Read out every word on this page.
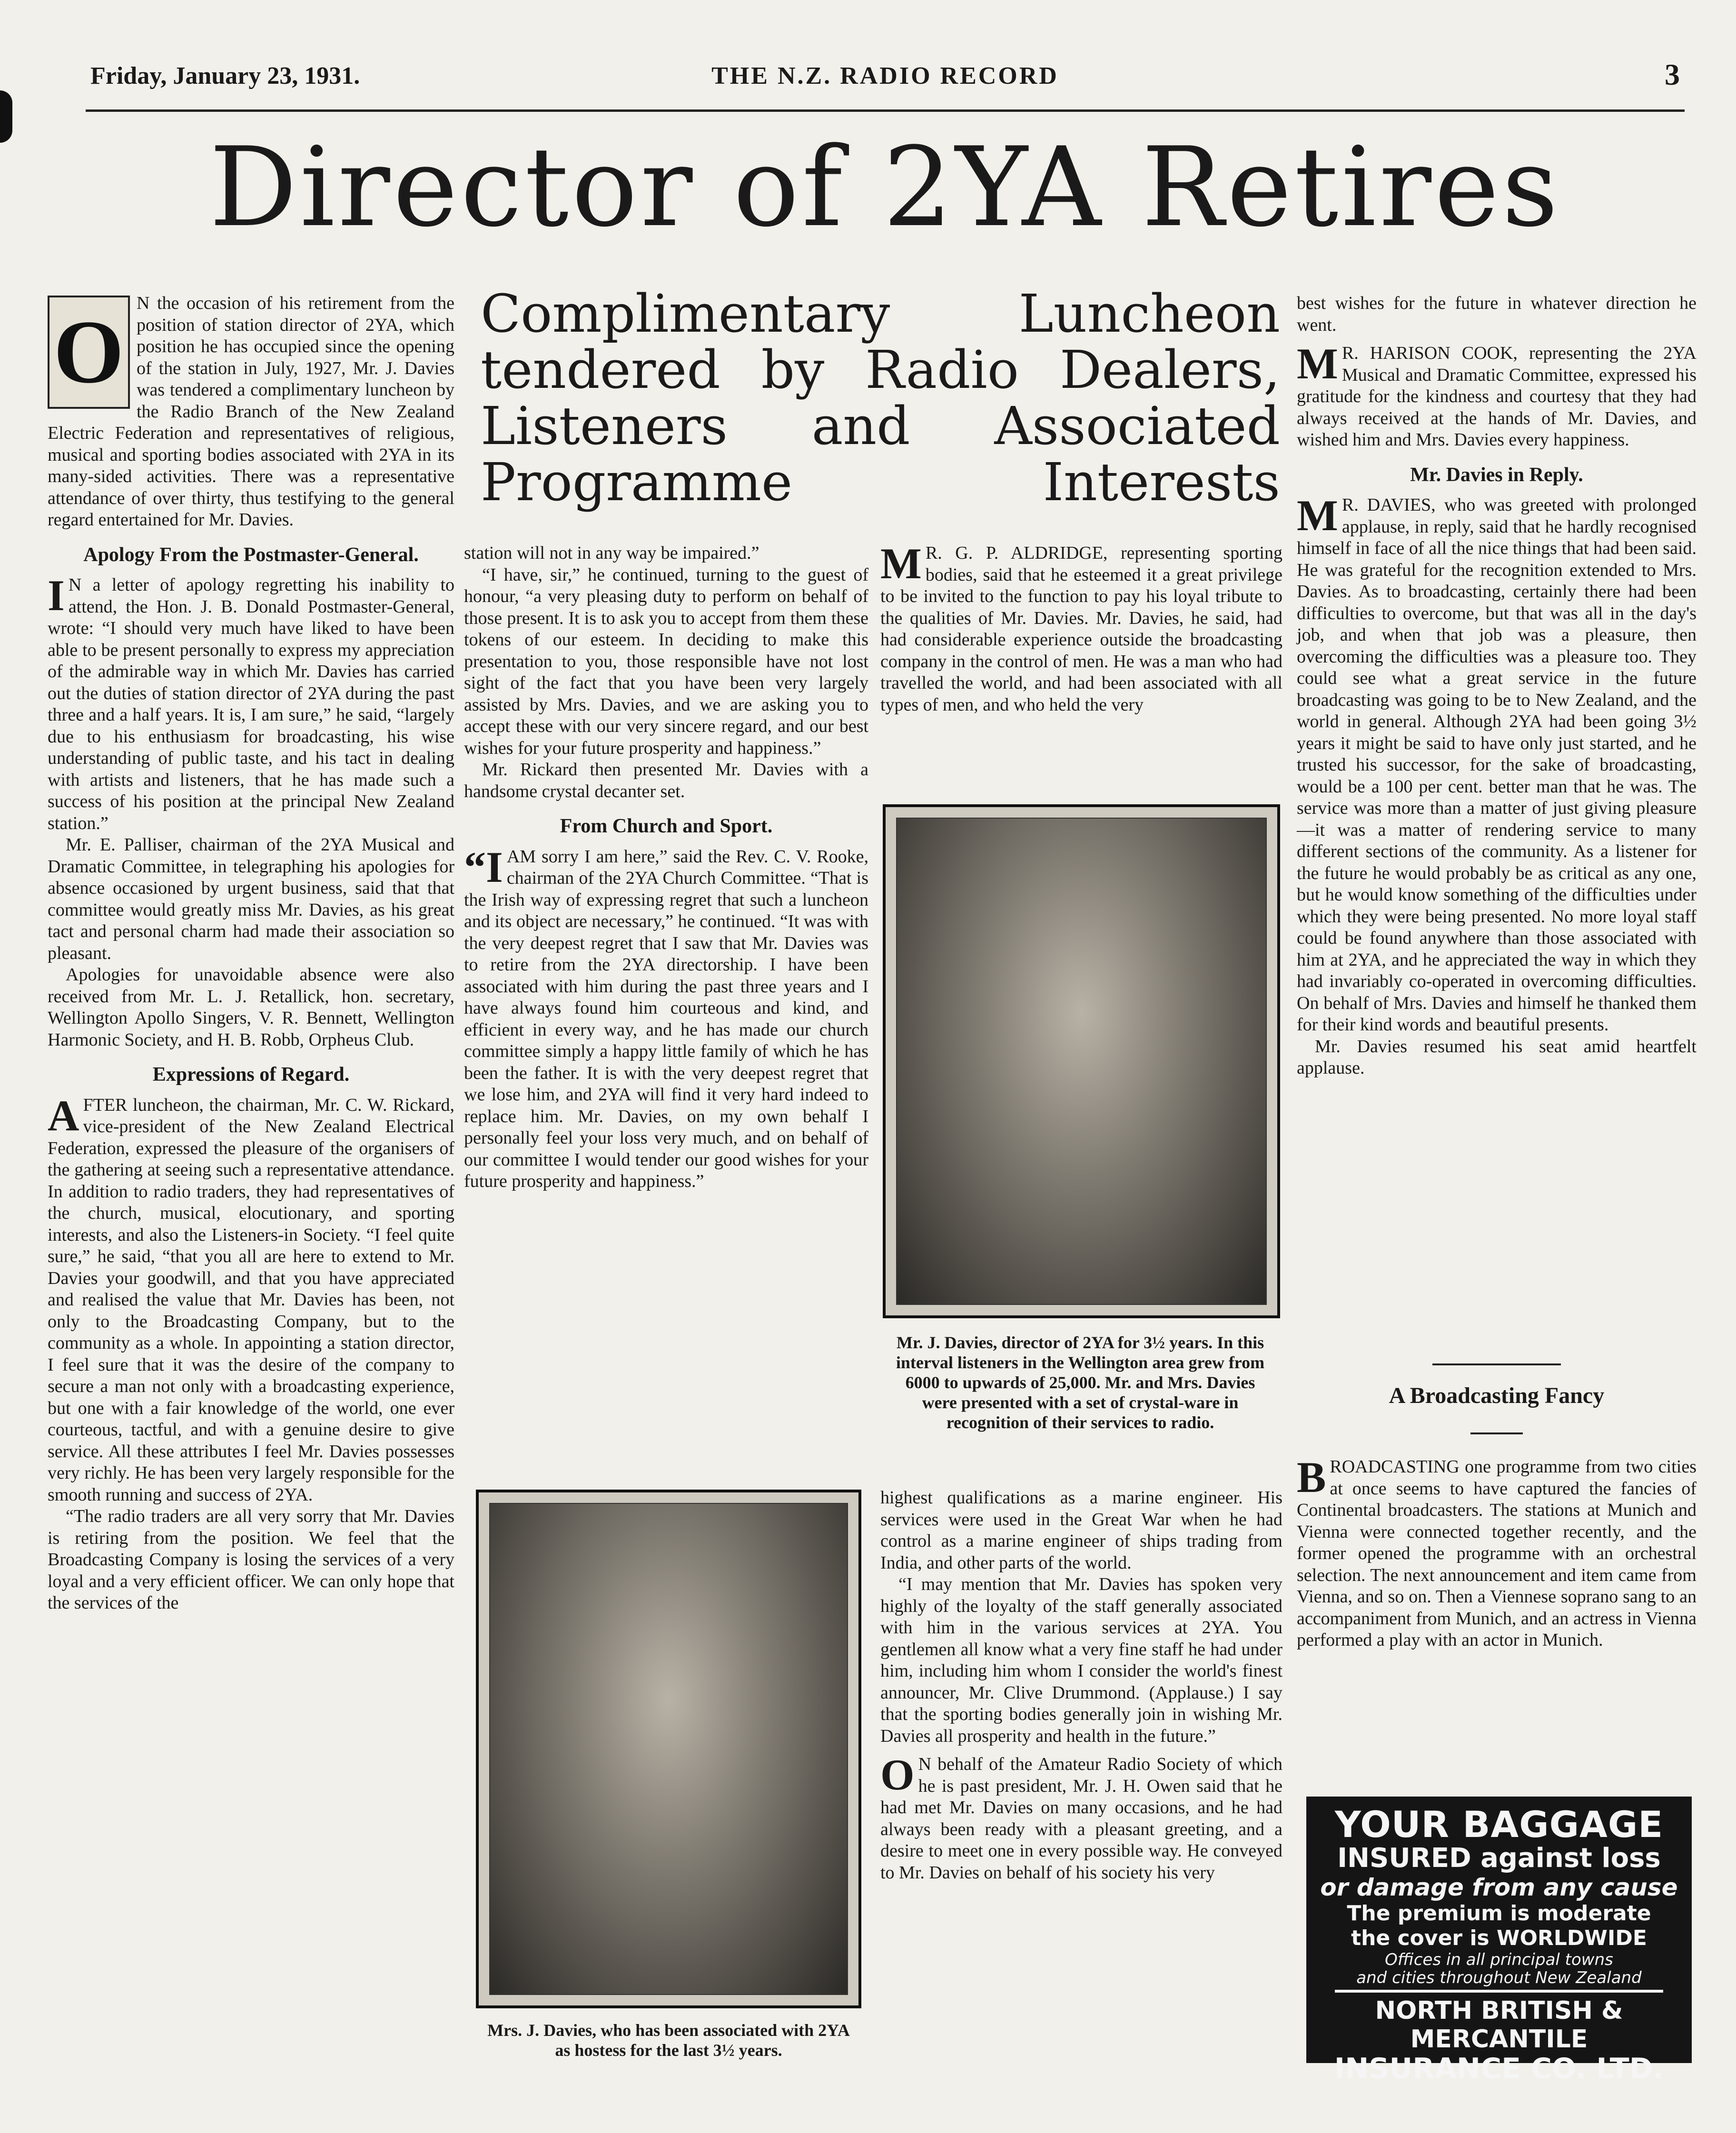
Friday, January 23, 1931.	THE N.Z. RADIO RECORD	3
Director of 2YA Retires

O N the occasion of his retirement from the position of station director of 2YA, which position he has occupied since the opening of the station in July, 1927, Mr. J. Davies was tendered a complimentary luncheon by the Radio Branch of the New Zealand Electric Federation and representatives of religious, musical and sporting bodies associated with 2YA in its many-sided activities. There was a representative attendance of over thirty, thus testifying to the general regard entertained for Mr. Davies.

Apology From the Postmaster-General.

I N a letter of apology regretting his inability to attend, the Hon. J. B. Donald Postmaster-General, wrote: “I should very much have liked to have been able to be present personally to express my appreciation of the admirable way in which Mr. Davies has carried out the duties of station director of 2YA during the past three and a half years. It is, I am sure,” he said, “largely due to his enthusiasm for broadcasting, his wise understanding of public taste, and his tact in dealing with artists and listeners, that he has made such a success of his position at the principal New Zealand station.”

Mr. E. Palliser, chairman of the 2YA Musical and Dramatic Committee, in telegraphing his apologies for absence occasioned by urgent business, said that that committee would greatly miss Mr. Davies, as his great tact and personal charm had made their association so pleasant.

Apologies for unavoidable absence were also received from Mr. L. J. Retallick, hon. secretary, Wellington Apollo Singers, V. R. Bennett, Wellington Harmonic Society, and H. B. Robb, Orpheus Club.

Expressions of Regard.

AFTER luncheon, the chairman, Mr. C. W. Rickard, vice-president of the New Zealand Electrical Federation, expressed the pleasure of the organisers of the gathering at seeing such a representative attendance. In addition to radio traders, they had representatives of the church, musical, elocutionary, and sporting interests, and also the Listeners-in Society. “I feel quite sure,” he said, “that you all are here to extend to Mr. Davies your goodwill, and that you have appreciated and realised the value that Mr. Davies has been, not only to the Broadcasting Company, but to the community as a whole. In appointing a station director, I feel sure that it was the desire of the company to secure a man not only with a broadcasting experience, but one with a fair knowledge of the world, one ever courteous, tactful, and with a genuine desire to give service. All these attributes I feel Mr. Davies possesses very richly. He has been very largely responsible for the smooth running and success of 2YA.

“The radio traders are all very sorry that Mr. Davies is retiring from the position. We feel that the Broadcasting Company is losing the services of a very loyal and a very efficient officer. We can only hope that the services of the

Complimentary Luncheon tendered by Radio Dealers, Listeners and Associated Programme Interests

station will not in any way be impaired.”

“I have, sir,” he continued, turning to the guest of honour, “a very pleasing duty to perform on behalf of those present. It is to ask you to accept from them these tokens of our esteem. In deciding to make this presentation to you, those responsible have not lost sight of the fact that you have been very largely assisted by Mrs. Davies, and we are asking you to accept these with our very sincere regard, and our best wishes for your future prosperity and happiness.”

Mr. Rickard then presented Mr. Davies with a handsome crystal decanter set.

From Church and Sport.

“IAM sorry I am here,” said the Rev. C. V. Rooke, chairman of the 2YA Church Committee. “That is the Irish way of expressing regret that such a luncheon and its object are necessary,” he continued. “It was with the very deepest regret that I saw that Mr. Davies was to retire from the 2YA directorship. I have been associated with him during the past three years and I have always found him courteous and kind, and efficient in every way, and he has made our church committee simply a happy little family of which he has been the father. It is with the very deepest regret that we lose him, and 2YA will find it very hard indeed to replace him. Mr. Davies, on my own behalf I personally feel your loss very much, and on behalf of our committee I would tender our good wishes for your future prosperity and happiness.”

Mrs. J. Davies, who has been associated with 2YA as hostess for the last 3½ years.

M R. G. P. ALDRIDGE, representing sporting bodies, said that he esteemed it a great privilege to be invited to the function to pay his loyal tribute to the qualities of Mr. Davies. Mr. Davies, he said, had had considerable experience outside the broadcasting company in the control of men. He was a man who had travelled the world, and had been associated with all types of men, and who held the very

Mr. J. Davies, director of 2YA for 3½ years. In this interval listeners in the Wellington area grew from 6000 to upwards of 25,000. Mr. and Mrs. Davies were presented with a set of crystal-ware in recognition of their services to radio.

highest qualifications as a marine engineer. His services were used in the Great War when he had control as a marine engineer of ships trading from India, and other parts of the world.

“I may mention that Mr. Davies has spoken very highly of the loyalty of the staff generally associated with him in the various services at 2YA. You gentlemen all know what a very fine staff he had under him, including him whom I consider the world's finest announcer, Mr. Clive Drummond. (Applause.) I say that the sporting bodies generally join in wishing Mr. Davies all prosperity and health in the future.”

O N behalf of the Amateur Radio Society of which he is past president, Mr. J. H. Owen said that he had met Mr. Davies on many occasions, and he had always been ready with a pleasant greeting, and a desire to meet one in every possible way. He conveyed to Mr. Davies on behalf of his society his very

best wishes for the future in whatever direction he went.

M R. HARISON COOK, representing the 2YA Musical and Dramatic Committee, expressed his gratitude for the kindness and courtesy that they had always received at the hands of Mr. Davies, and wished him and Mrs. Davies every happiness.

Mr. Davies in Reply.

M R. DAVIES, who was greeted with prolonged applause, in reply, said that he hardly recognised himself in face of all the nice things that had been said. He was grateful for the recognition extended to Mrs. Davies. As to broadcasting, certainly there had been difficulties to overcome, but that was all in the day's job, and when that job was a pleasure, then overcoming the difficulties was a pleasure too. They could see what a great service in the future broadcasting was going to be to New Zealand, and the world in general. Although 2YA had been going 3½ years it might be said to have only just started, and he trusted his successor, for the sake of broadcasting, would be a 100 per cent. better man that he was. The service was more than a matter of just giving pleasure—it was a matter of rendering service to many different sections of the community. As a listener for the future he would probably be as critical as any one, but he would know something of the difficulties under which they were being presented. No more loyal staff could be found anywhere than those associated with him at 2YA, and he appreciated the way in which they had invariably co-operated in overcoming difficulties. On behalf of Mrs. Davies and himself he thanked them for their kind words and beautiful presents.

Mr. Davies resumed his seat amid heartfelt applause.

A Broadcasting Fancy

BROADCASTING one programme from two cities at once seems to have captured the fancies of Continental broadcasters. The stations at Munich and Vienna were connected together recently, and the former opened the programme with an orchestral selection. The next announcement and item came from Vienna, and so on. Then a Viennese soprano sang to an accompaniment from Munich, and an actress in Vienna performed a play with an actor in Munich.

YOUR BAGGAGE
INSURED against loss
or damage from any cause
The premium is moderate
the cover is WORLDWIDE
Offices in all principal towns
and cities throughout New Zealand
NORTH BRITISH & MERCANTILE
INSURANCE CO. LTD.
